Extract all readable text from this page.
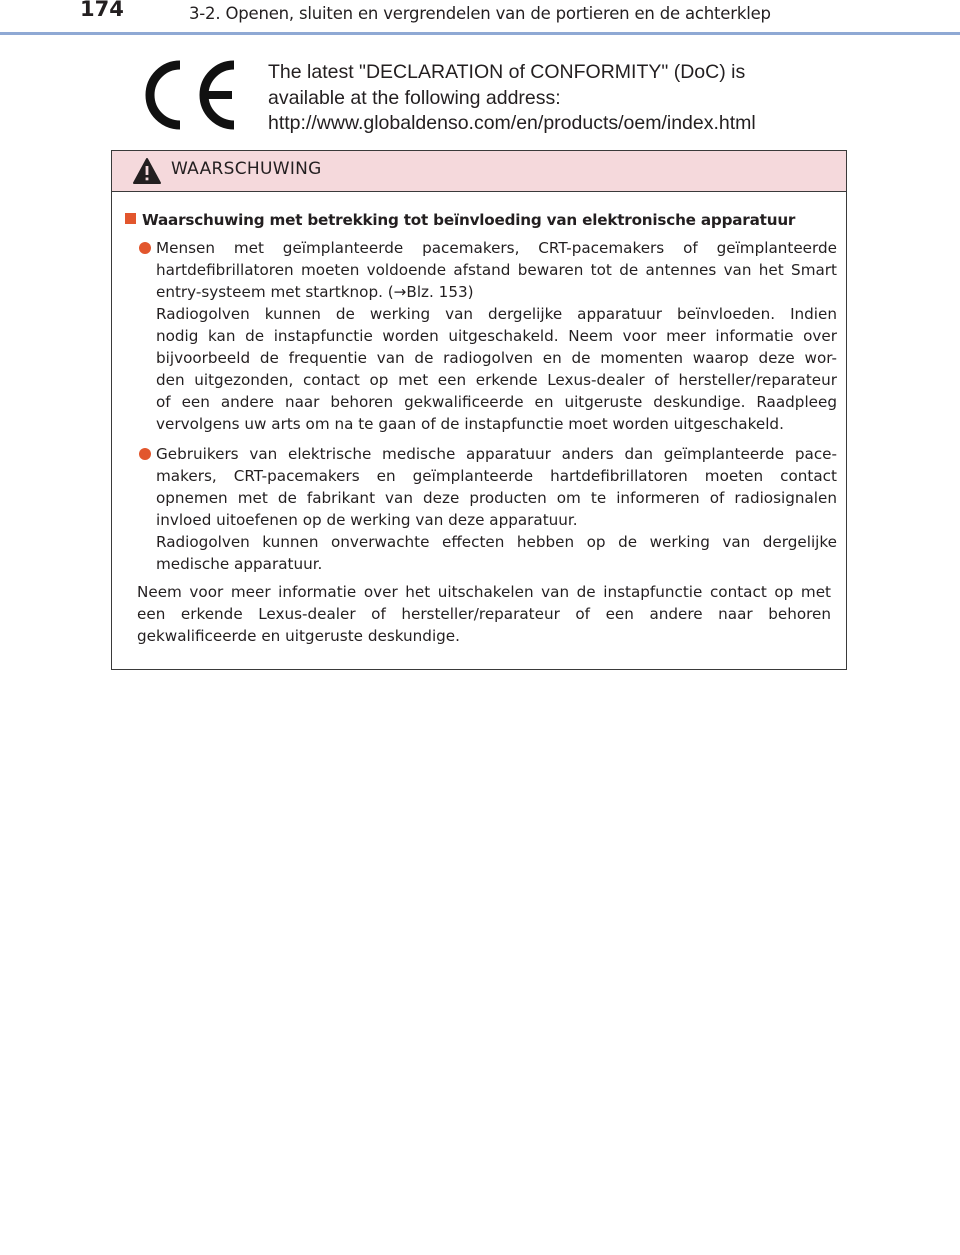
174	3-2. Openen, sluiten en vergrendelen van de portieren en de achterklep
The latest "DECLARATION of CONFORMITY" (DoC) is
available at the following address:
http://www.globaldenso.com/en/products/oem/index.html
WAARSCHUWING
Waarschuwing met betrekking tot beïnvloeding van elektronische apparatuur
Mensen met geïmplanteerde pacemakers, CRT-pacemakers of geïmplanteerde
hartdefibrillatoren moeten voldoende afstand bewaren tot de antennes van het Smart
entry-systeem met startknop. (→Blz. 153)
Radiogolven kunnen de werking van dergelijke apparatuur beïnvloeden. Indien
nodig kan de instapfunctie worden uitgeschakeld. Neem voor meer informatie over
bijvoorbeeld de frequentie van de radiogolven en de momenten waarop deze wor-
den uitgezonden, contact op met een erkende Lexus-dealer of hersteller/reparateur
of een andere naar behoren gekwalificeerde en uitgeruste deskundige. Raadpleeg
vervolgens uw arts om na te gaan of de instapfunctie moet worden uitgeschakeld.
Gebruikers van elektrische medische apparatuur anders dan geïmplanteerde pace-
makers, CRT-pacemakers en geïmplanteerde hartdefibrillatoren moeten contact
opnemen met de fabrikant van deze producten om te informeren of radiosignalen
invloed uitoefenen op de werking van deze apparatuur.
Radiogolven kunnen onverwachte effecten hebben op de werking van dergelijke
medische apparatuur.
Neem voor meer informatie over het uitschakelen van de instapfunctie contact op met
een erkende Lexus-dealer of hersteller/reparateur of een andere naar behoren
gekwalificeerde en uitgeruste deskundige.
